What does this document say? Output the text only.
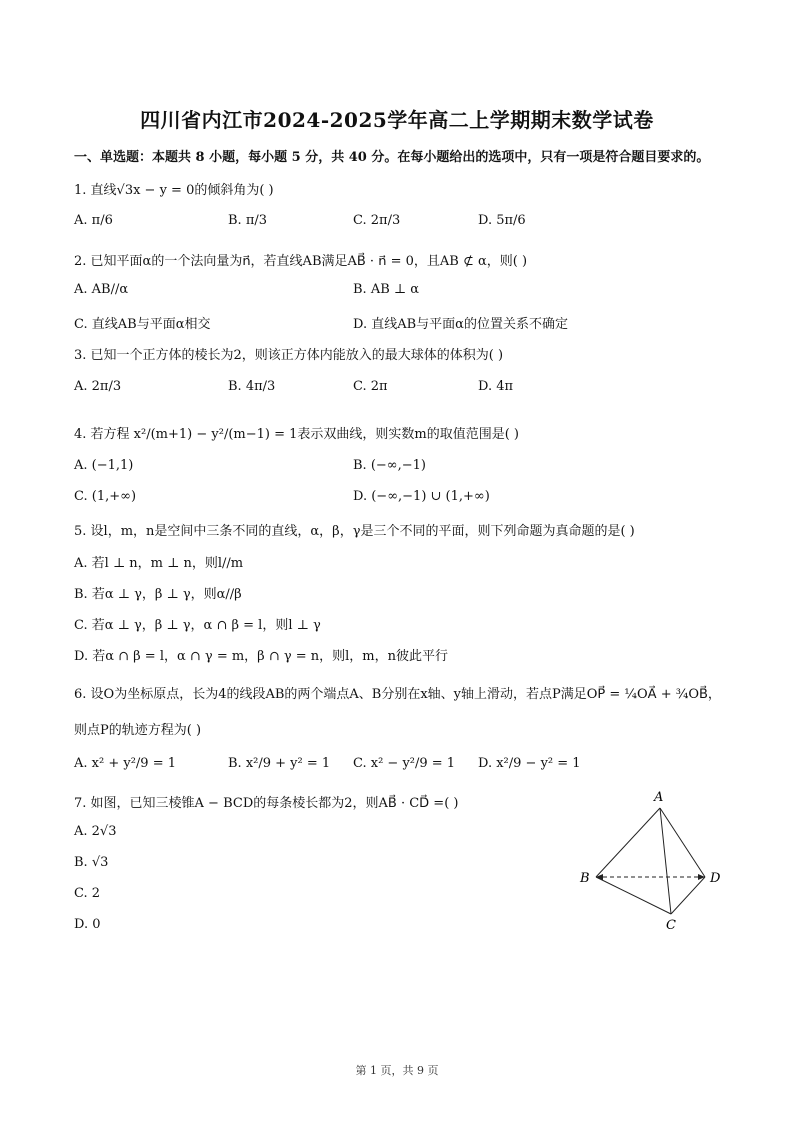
四川省内江市2024-2025学年高二上学期期末数学试卷
一、单选题：本题共 8 小题，每小题 5 分，共 40 分。在每小题给出的选项中，只有一项是符合题目要求的。
1. 直线√3x − y = 0的倾斜角为( )
A. π/6	B. π/3	C. 2π/3	D. 5π/6
2. 已知平面α的一个法向量为n⃗，若直线AB满足AB⃗ · n⃗ = 0，且AB ⊄ α，则( )
A. AB//α	B. AB ⊥ α
C. 直线AB与平面α相交	D. 直线AB与平面α的位置关系不确定
3. 已知一个正方体的棱长为2，则该正方体内能放入的最大球体的体积为( )
A. 2π/3	B. 4π/3	C. 2π	D. 4π
4. 若方程 x²/(m+1) − y²/(m−1) = 1表示双曲线，则实数m的取值范围是( )
A. (−1,1)	B. (−∞,−1)
C. (1,+∞)	D. (−∞,−1) ∪ (1,+∞)
5. 设l，m，n是空间中三条不同的直线，α，β，γ是三个不同的平面，则下列命题为真命题的是( )
A. 若l ⊥ n，m ⊥ n，则l//m
B. 若α ⊥ γ，β ⊥ γ，则α//β
C. 若α ⊥ γ，β ⊥ γ，α ∩ β = l，则l ⊥ γ
D. 若α ∩ β = l，α ∩ γ = m，β ∩ γ = n，则l，m，n彼此平行
6. 设O为坐标原点，长为4的线段AB的两个端点A、B分别在x轴、y轴上滑动，若点P满足OP⃗ = ¼OA⃗ + ¾OB⃗，
则点P的轨迹方程为( )
A. x² + y²/9 = 1	B. x²/9 + y² = 1 C. x² − y²/9 = 1 D. x²/9 − y² = 1
7. 如图，已知三棱锥A − BCD的每条棱长都为2，则AB⃗ · CD⃗ =( )
A. 2√3
B. √3
C. 2
D. 0
A
B
C
D
第 1 页，共 9 页
